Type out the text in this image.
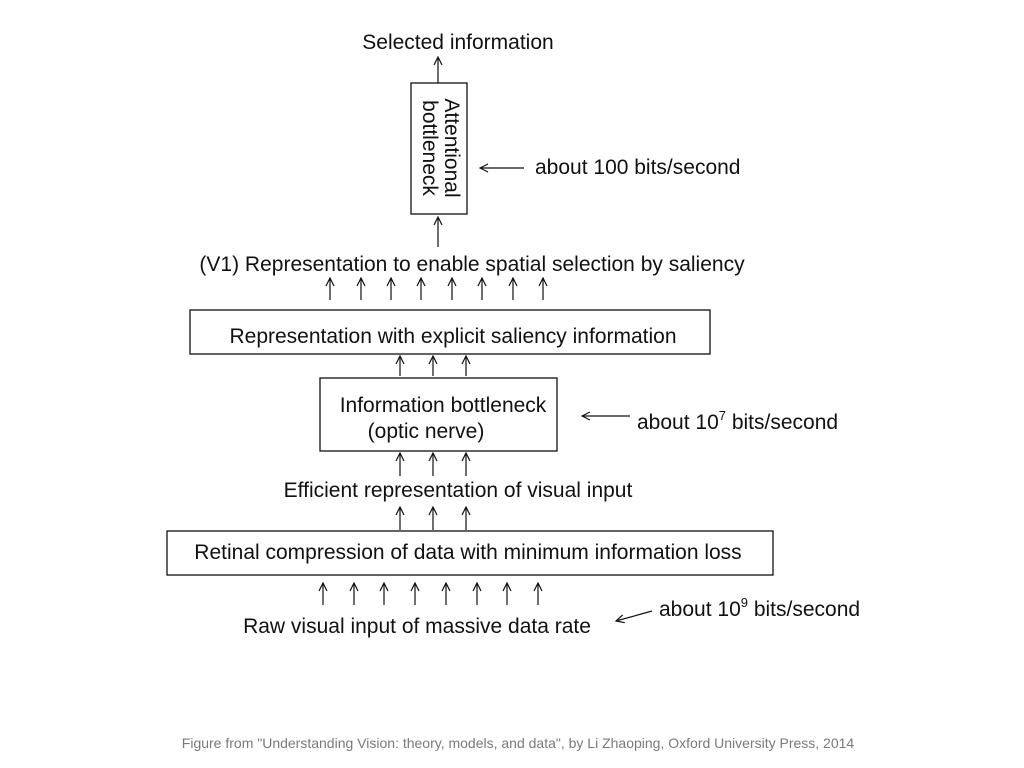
Selected information
Attentional
bottleneck	about 100 bits/second
(V1) Representation to enable spatial selection by saliency
Representation with explicit saliency information
Information bottleneck
(optic nerve)	about $10^7$ bits/second
Efficient representation of visual input
Retinal compression of data with minimum information loss
about $10^9$ bits/second
Raw visual input of massive data rate
Figure from "Understanding Vision: theory, models, and data", by Li Zhaoping, Oxford University Press, 2014
